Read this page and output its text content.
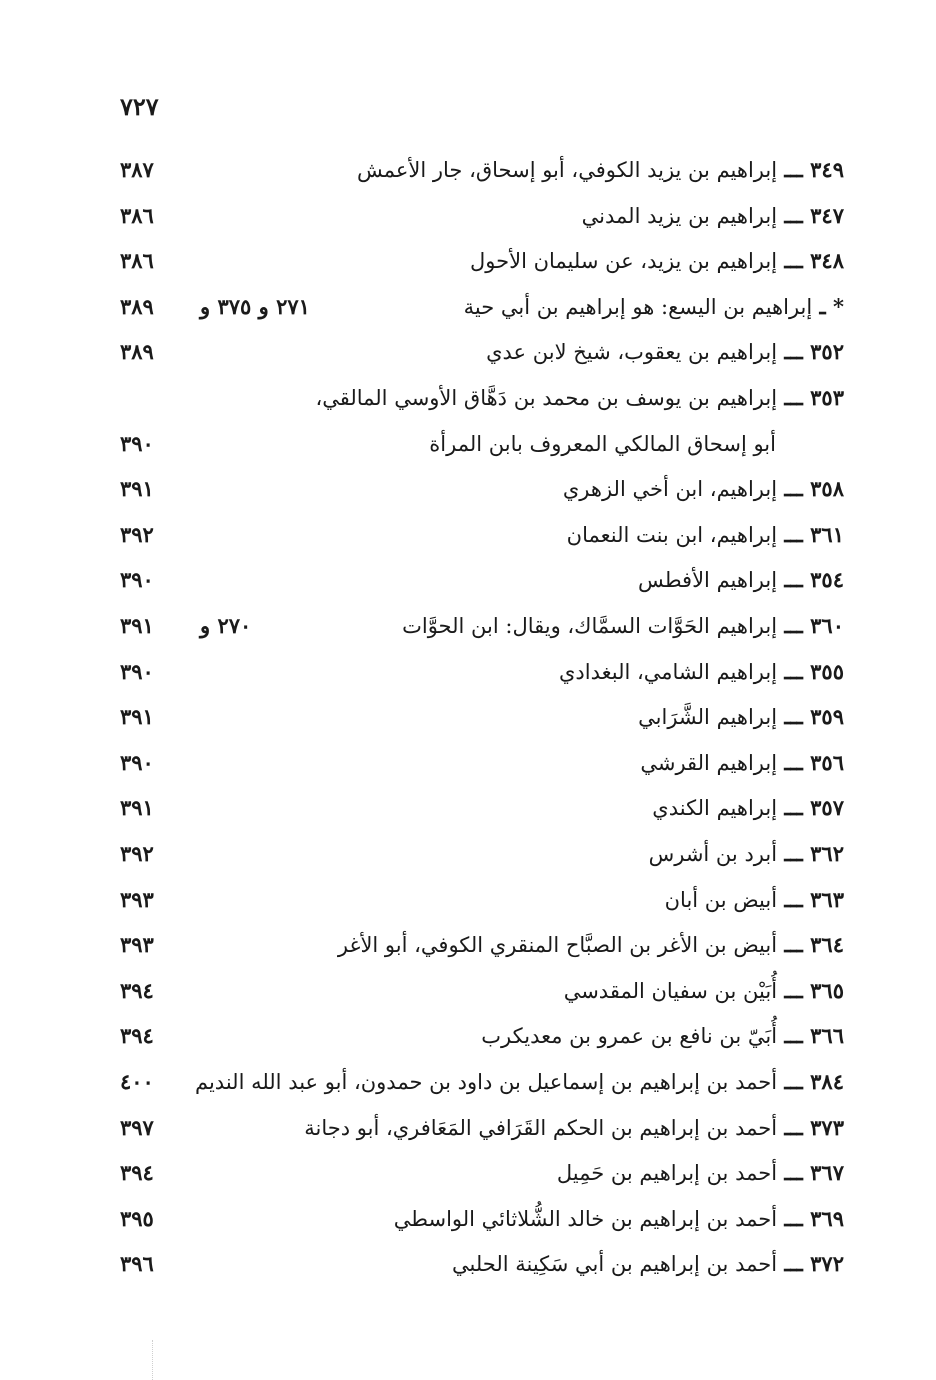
٧٢٧
٣٤٩ ـــ إبراهيم بن يزيد الكوفي، أبو إسحاق، جار الأعمش
٣٨٧
٣٤٧ ـــ إبراهيم بن يزيد المدني
٣٨٦
٣٤٨ ـــ إبراهيم بن يزيد، عن سليمان الأحول
٣٨٦
* ـ إبراهيم بن اليسع: هو إبراهيم بن أبي حية
٢٧١ و ٣٧٥ و
٣٨٩
٣٥٢ ـــ إبراهيم بن يعقوب، شيخ لابن عدي
٣٨٩
٣٥٣ ـــ إبراهيم بن يوسف بن محمد بن دَهَّاق الأوسي المالقي،
أبو إسحاق المالكي المعروف بابن المرأة
٣٩٠
٣٥٨ ـــ إبراهيم، ابن أخي الزهري
٣٩١
٣٦١ ـــ إبراهيم، ابن بنت النعمان
٣٩٢
٣٥٤ ـــ إبراهيم الأفطس
٣٩٠
٣٦٠ ـــ إبراهيم الحَوَّات السمَّاك، ويقال: ابن الحوَّات
٢٧٠ و
٣٩١
٣٥٥ ـــ إبراهيم الشامي، البغدادي
٣٩٠
٣٥٩ ـــ إبراهيم الشَّرَابي
٣٩١
٣٥٦ ـــ إبراهيم القرشي
٣٩٠
٣٥٧ ـــ إبراهيم الكندي
٣٩١
٣٦٢ ـــ أبرد بن أشرس
٣٩٢
٣٦٣ ـــ أبيض بن أبان
٣٩٣
٣٦٤ ـــ أبيض بن الأغر بن الصبَّاح المنقري الكوفي، أبو الأغر
٣٩٣
٣٦٥ ـــ أُبَيْن بن سفيان المقدسي
٣٩٤
٣٦٦ ـــ أُبَيّ بن نافع بن عمرو بن معديكرب
٣٩٤
٣٨٤ ـــ أحمد بن إبراهيم بن إسماعيل بن داود بن حمدون، أبو عبد الله النديم
٤٠٠
٣٧٣ ـــ أحمد بن إبراهيم بن الحكم القَرَافي المَعَافري، أبو دجانة
٣٩٧
٣٦٧ ـــ أحمد بن إبراهيم بن حَمِيل
٣٩٤
٣٦٩ ـــ أحمد بن إبراهيم بن خالد الشُّلاثائي الواسطي
٣٩٥
٣٧٢ ـــ أحمد بن إبراهيم بن أبي سَكِينة الحلبي
٣٩٦
